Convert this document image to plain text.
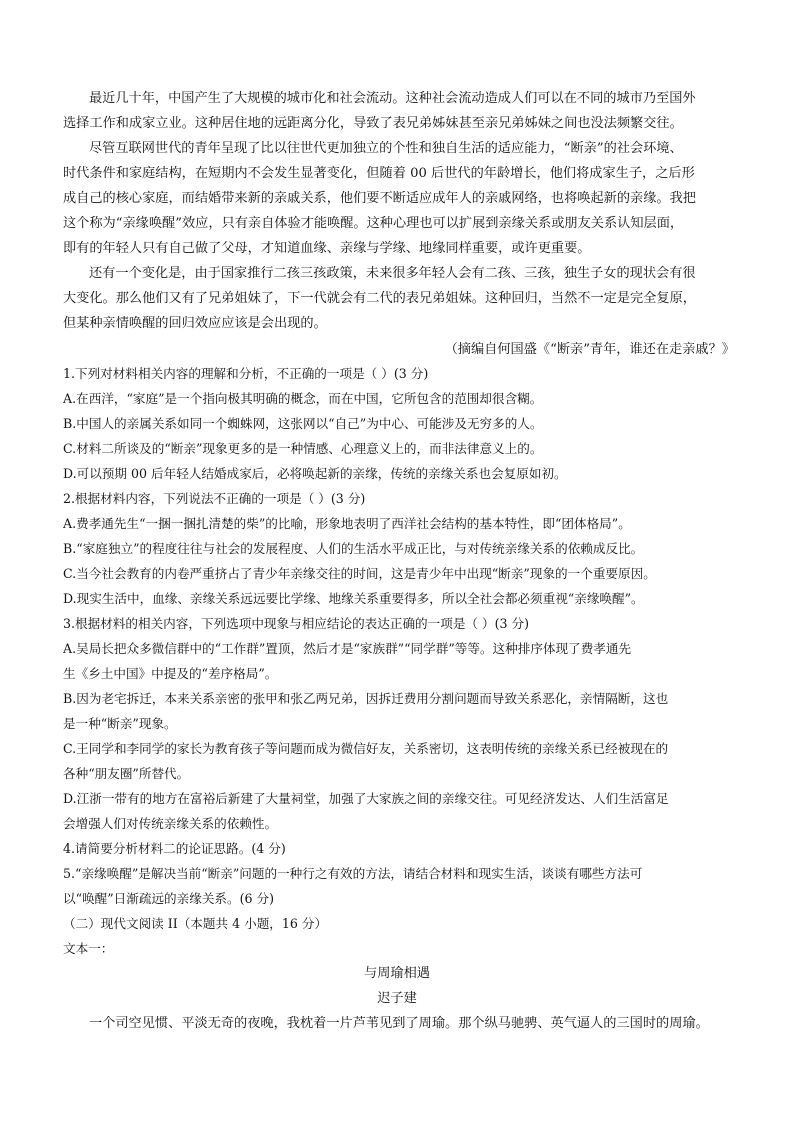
最近几十年，中国产生了大规模的城市化和社会流动。这种社会流动造成人们可以在不同的城市乃至国外
选择工作和成家立业。这种居住地的远距离分化，导致了表兄弟姊妹甚至亲兄弟姊妹之间也没法频繁交往。
尽管互联网世代的青年呈现了比以往世代更加独立的个性和独自生活的适应能力，“断亲”的社会环境、
时代条件和家庭结构，在短期内不会发生显著变化，但随着 00 后世代的年龄增长，他们将成家生子，之后形
成自己的核心家庭，而结婚带来新的亲戚关系，他们要不断适应成年人的亲戚网络，也将唤起新的亲缘。我把
这个称为“亲缘唤醒”效应，只有亲自体验才能唤醒。这种心理也可以扩展到亲缘关系或朋友关系认知层面，
即有的年轻人只有自己做了父母，才知道血缘、亲缘与学缘、地缘同样重要，或许更重要。
还有一个变化是，由于国家推行二孩三孩政策，未来很多年轻人会有二孩、三孩，独生子女的现状会有很
大变化。那么他们又有了兄弟姐妹了，下一代就会有二代的表兄弟姐妹。这种回归，当然不一定是完全复原，
但某种亲情唤醒的回归效应应该是会出现的。
（摘编自何国盛《“断亲”青年，谁还在走亲戚？》
1.下列对材料相关内容的理解和分析，不正确的一项是（ ）(3 分)
A.在西洋，“家庭”是一个指向极其明确的概念，而在中国，它所包含的范围却很含糊。
B.中国人的亲属关系如同一个蜘蛛网，这张网以“自己”为中心、可能涉及无穷多的人。
C.材料二所谈及的“断亲”现象更多的是一种情感、心理意义上的，而非法律意义上的。
D.可以预期 00 后年轻人结婚成家后，必将唤起新的亲缘，传统的亲缘关系也会复原如初。
2.根据材料内容，下列说法不正确的一项是（ ）(3 分)
A.费孝通先生“一捆一捆扎清楚的柴”的比喻，形象地表明了西洋社会结构的基本特性，即“团体格局”。
B.“家庭独立”的程度往往与社会的发展程度、人们的生活水平成正比，与对传统亲缘关系的依赖成反比。
C.当今社会教育的内卷严重挤占了青少年亲缘交往的时间，这是青少年中出现“断亲”现象的一个重要原因。
D.现实生活中，血缘、亲缘关系远远要比学缘、地缘关系重要得多，所以全社会都必须重视“亲缘唤醒”。
3.根据材料的相关内容，下列选项中现象与相应结论的表达正确的一项是（ ）(3 分)
A.吴局长把众多微信群中的“工作群”置顶，然后才是“家族群”“同学群”等等。这种排序体现了费孝通先
生《乡土中国》中提及的“差序格局”。
B.因为老宅拆迁，本来关系亲密的张甲和张乙两兄弟，因拆迁费用分割问题而导致关系恶化，亲情隔断，这也
是一种“断亲”现象。
C.王同学和李同学的家长为教育孩子等问题而成为微信好友，关系密切，这表明传统的亲缘关系已经被现在的
各种“朋友圈”所替代。
D.江浙一带有的地方在富裕后新建了大量祠堂，加强了大家族之间的亲缘交往。可见经济发达、人们生活富足
会增强人们对传统亲缘关系的依赖性。
4.请简要分析材料二的论证思路。(4 分)
5.“亲缘唤醒”是解决当前“断亲”问题的一种行之有效的方法，请结合材料和现实生活，谈谈有哪些方法可
以“唤醒”日渐疏远的亲缘关系。(6 分)
（二）现代文阅读 II（本题共 4 小题，16 分）
文本一：
与周瑜相遇
迟子建
一个司空见惯、平淡无奇的夜晚，我枕着一片芦苇见到了周瑜。那个纵马驰骋、英气逼人的三国时的周瑜。
